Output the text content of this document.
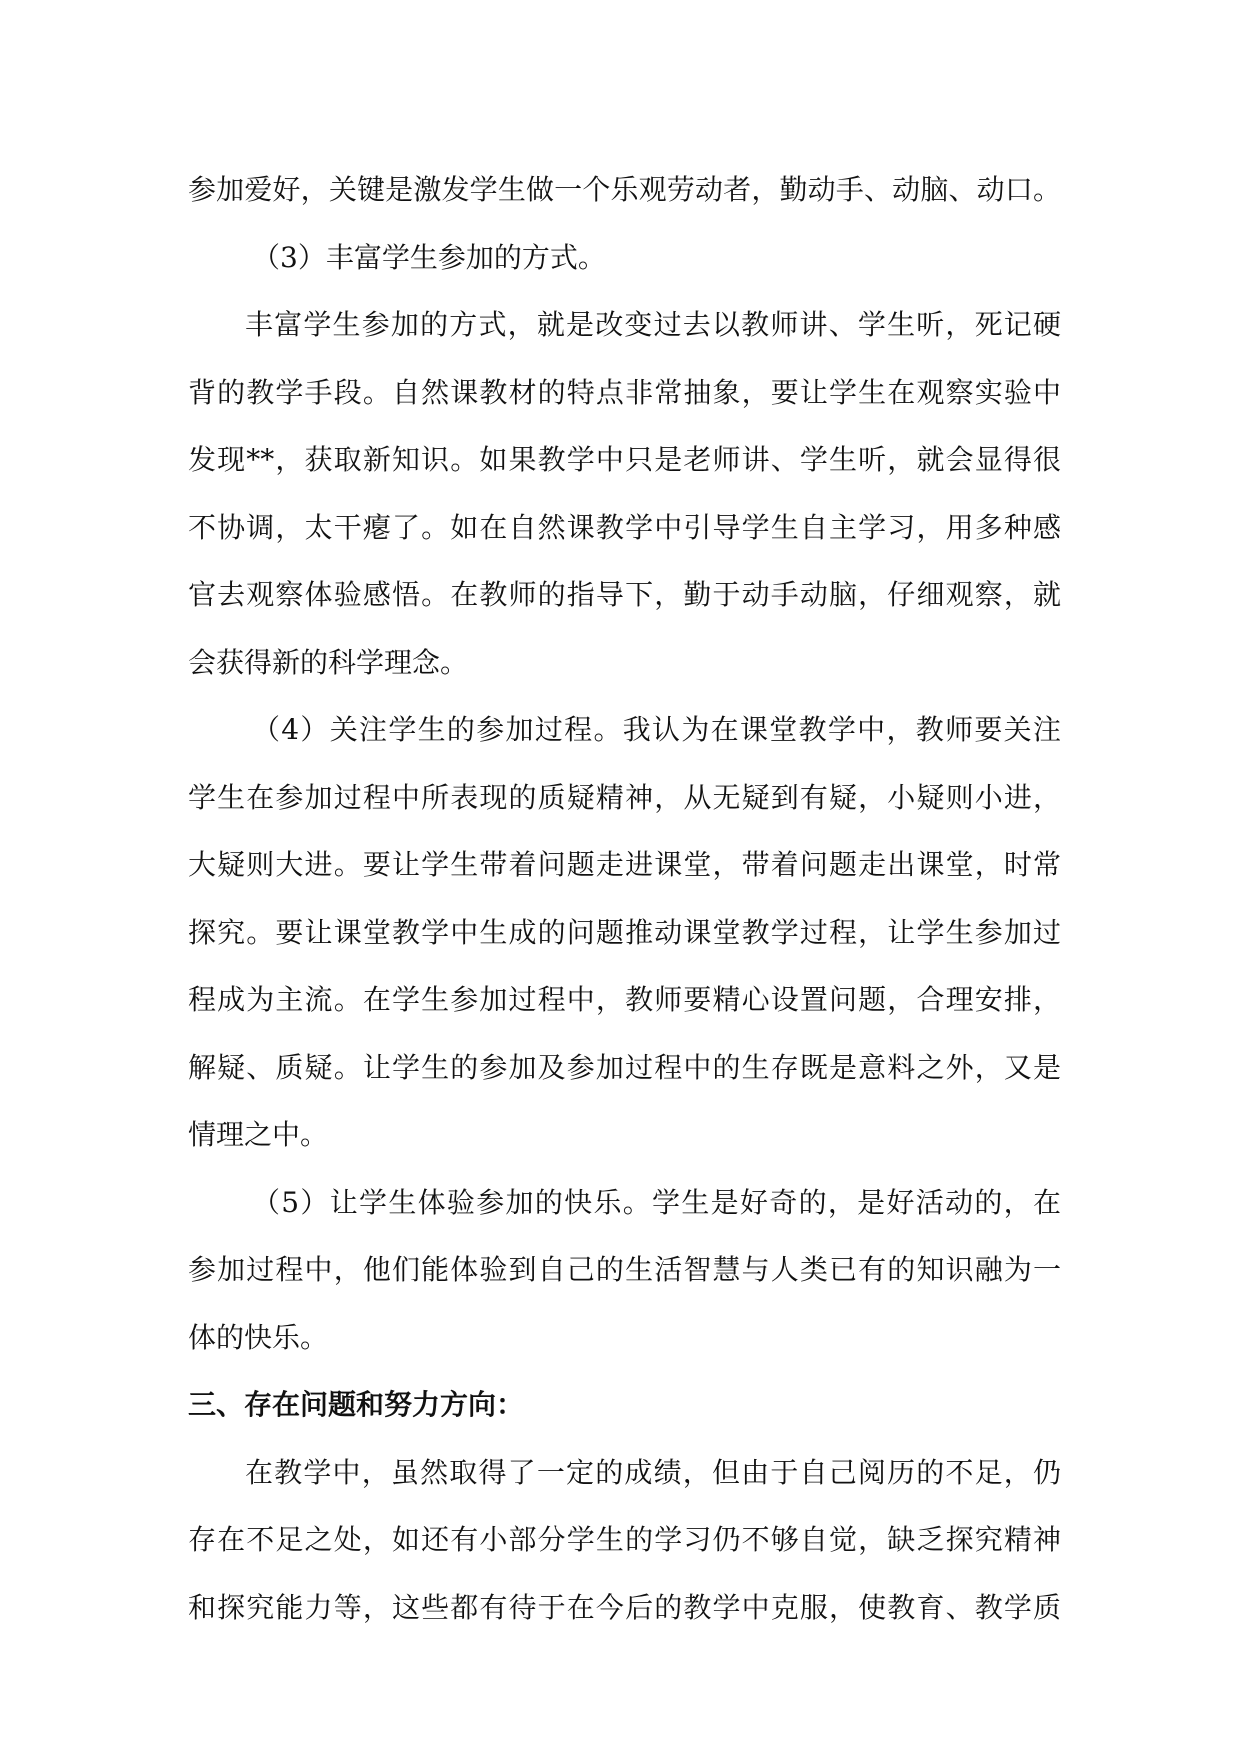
参加爱好，关键是激发学生做一个乐观劳动者，勤动手、动脑、动口。
（3）丰富学生参加的方式。
丰富学生参加的方式，就是改变过去以教师讲、学生听，死记硬
背的教学手段。自然课教材的特点非常抽象，要让学生在观察实验中
发现**，获取新知识。如果教学中只是老师讲、学生听，就会显得很
不协调，太干瘪了。如在自然课教学中引导学生自主学习，用多种感
官去观察体验感悟。在教师的指导下，勤于动手动脑，仔细观察，就
会获得新的科学理念。
（4）关注学生的参加过程。我认为在课堂教学中，教师要关注
学生在参加过程中所表现的质疑精神，从无疑到有疑，小疑则小进，
大疑则大进。要让学生带着问题走进课堂，带着问题走出课堂，时常
探究。要让课堂教学中生成的问题推动课堂教学过程，让学生参加过
程成为主流。在学生参加过程中，教师要精心设置问题，合理安排，
解疑、质疑。让学生的参加及参加过程中的生存既是意料之外，又是
情理之中。
（5）让学生体验参加的快乐。学生是好奇的，是好活动的，在
参加过程中，他们能体验到自己的生活智慧与人类已有的知识融为一
体的快乐。
三、存在问题和努力方向：
在教学中，虽然取得了一定的成绩，但由于自己阅历的不足，仍
存在不足之处，如还有小部分学生的学习仍不够自觉，缺乏探究精神
和探究能力等，这些都有待于在今后的教学中克服，使教育、教学质
